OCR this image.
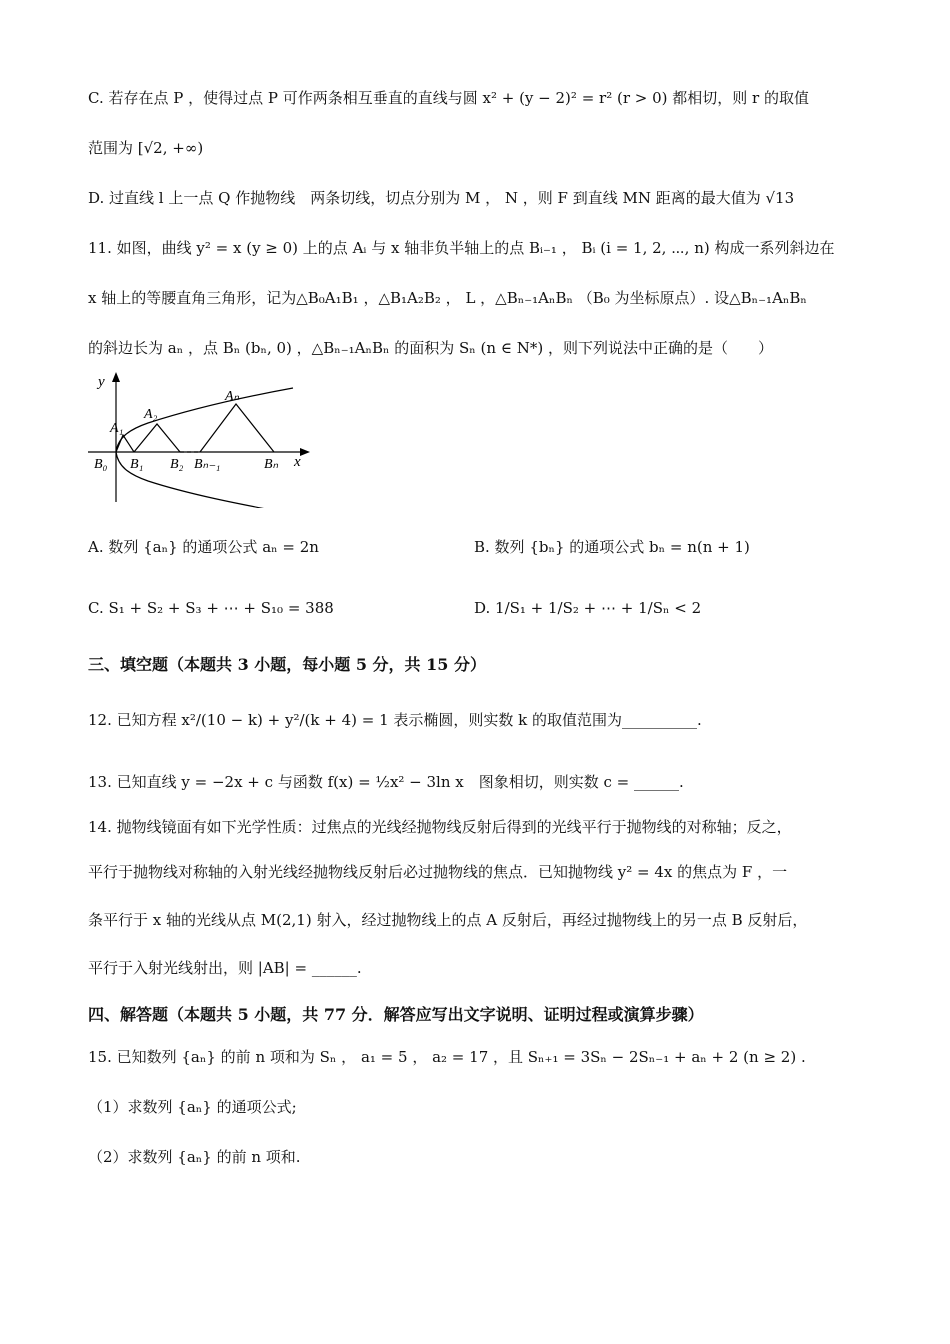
C. 若存在点 P ，使得过点 P 可作两条相互垂直的直线与圆 x² + (y − 2)² = r² (r > 0) 都相切，则 r 的取值
范围为 [√2, +∞)
D. 过直线 l 上一点 Q 作抛物线　两条切线，切点分别为 M ， N ，则 F 到直线 MN 距离的最大值为 √13
11. 如图，曲线 y² = x (y ≥ 0) 上的点 Aᵢ 与 x 轴非负半轴上的点 Bᵢ₋₁ ， Bᵢ (i = 1, 2, ⋯, n) 构成一系列斜边在
x 轴上的等腰直角三角形，记为△B₀A₁B₁ ，△B₁A₂B₂ ， L ，△Bₙ₋₁AₙBₙ （B₀ 为坐标原点）. 设△Bₙ₋₁AₙBₙ
的斜边长为 aₙ ，点 Bₙ (bₙ, 0) ，△Bₙ₋₁AₙBₙ 的面积为 Sₙ (n ∈ N*) ，则下列说法中正确的是（　　）
y
x
A₁
A₂
Aₙ
B₀ B₁ B₂ Bₙ₋₁	Bₙ
A. 数列 {aₙ} 的通项公式 aₙ = 2n	B. 数列 {bₙ} 的通项公式 bₙ = n(n + 1)
C. S₁ + S₂ + S₃ + ⋯ + S₁₀ = 388	D. 1/S₁ + 1/S₂ + ⋯ + 1/Sₙ < 2
三、填空题（本题共 3 小题，每小题 5 分，共 15 分）
12. 已知方程 x²/(10 − k) + y²/(k + 4) = 1 表示椭圆，则实数 k 的取值范围为__________.
13. 已知直线 y = −2x + c 与函数 f(x) = ½x² − 3ln x　图象相切，则实数 c = ______.
14. 抛物线镜面有如下光学性质：过焦点的光线经抛物线反射后得到的光线平行于抛物线的对称轴；反之，
平行于抛物线对称轴的入射光线经抛物线反射后必过抛物线的焦点．已知抛物线 y² = 4x 的焦点为 F ，一
条平行于 x 轴的光线从点 M(2,1) 射入，经过抛物线上的点 A 反射后，再经过抛物线上的另一点 B 反射后，
平行于入射光线射出，则 |AB| = ______.
四、解答题（本题共 5 小题，共 77 分．解答应写出文字说明、证明过程或演算步骤）
15. 已知数列 {aₙ} 的前 n 项和为 Sₙ ， a₁ = 5 ， a₂ = 17 ，且 Sₙ₊₁ = 3Sₙ − 2Sₙ₋₁ + aₙ + 2 (n ≥ 2) .
（1）求数列 {aₙ} 的通项公式;
（2）求数列 {aₙ} 的前 n 项和.
